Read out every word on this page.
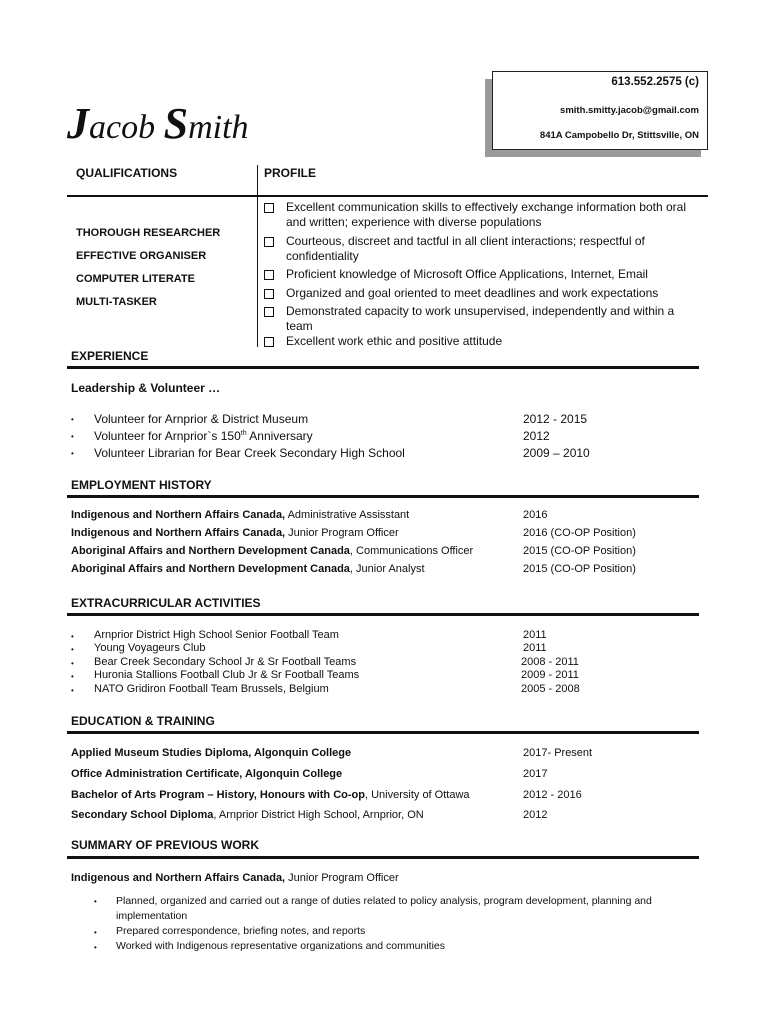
Jacob Smith
613.552.2575 (c)
smith.smitty.jacob@gmail.com
841A Campobello Dr, Stittsville, ON
QUALIFICATIONS	PROFILE
THOROUGH RESEARCHER
EFFECTIVE ORGANISER
COMPUTER LITERATE
MULTI-TASKER
Excellent communication skills to effectively exchange information both oral and written; experience with diverse populations
Courteous, discreet and tactful in all client interactions; respectful of confidentiality
Proficient knowledge of Microsoft Office Applications, Internet, Email
Organized and goal oriented to meet deadlines and work expectations
Demonstrated capacity to work unsupervised, independently and within a team
Excellent work ethic and positive attitude
EXPERIENCE
Leadership & Volunteer …
• Volunteer for Arnprior & District Museum	2012 - 2015
• Volunteer for Arnprior`s 150th Anniversary	2012
• Volunteer Librarian for Bear Creek Secondary High School	2009 – 2010
EMPLOYMENT HISTORY
Indigenous and Northern Affairs Canada, Administrative Assisstant	2016
Indigenous and Northern Affairs Canada, Junior Program Officer	2016 (CO-OP Position)
Aboriginal Affairs and Northern Development Canada, Communications Officer	2015 (CO-OP Position)
Aboriginal Affairs and Northern Development Canada, Junior Analyst	2015 (CO-OP Position)
EXTRACURRICULAR ACTIVITIES
• Arnprior District High School Senior Football Team	2011
• Young Voyageurs Club	2011
• Bear Creek Secondary School Jr & Sr Football Teams	2008 - 2011
• Huronia Stallions Football Club Jr & Sr Football Teams	2009 - 2011
• NATO Gridiron Football Team Brussels, Belgium	2005 - 2008
EDUCATION & TRAINING
Applied Museum Studies Diploma, Algonquin College	2017- Present
Office Administration Certificate, Algonquin College	2017
Bachelor of Arts Program – History, Honours with Co-op, University of Ottawa	2012 - 2016
Secondary School Diploma, Arnprior District High School, Arnprior, ON	2012
SUMMARY OF PREVIOUS WORK
Indigenous and Northern Affairs Canada, Junior Program Officer
• Planned, organized and carried out a range of duties related to policy analysis, program development, planning and implementation
• Prepared correspondence, briefing notes, and reports
• Worked with Indigenous representative organizations and communities
